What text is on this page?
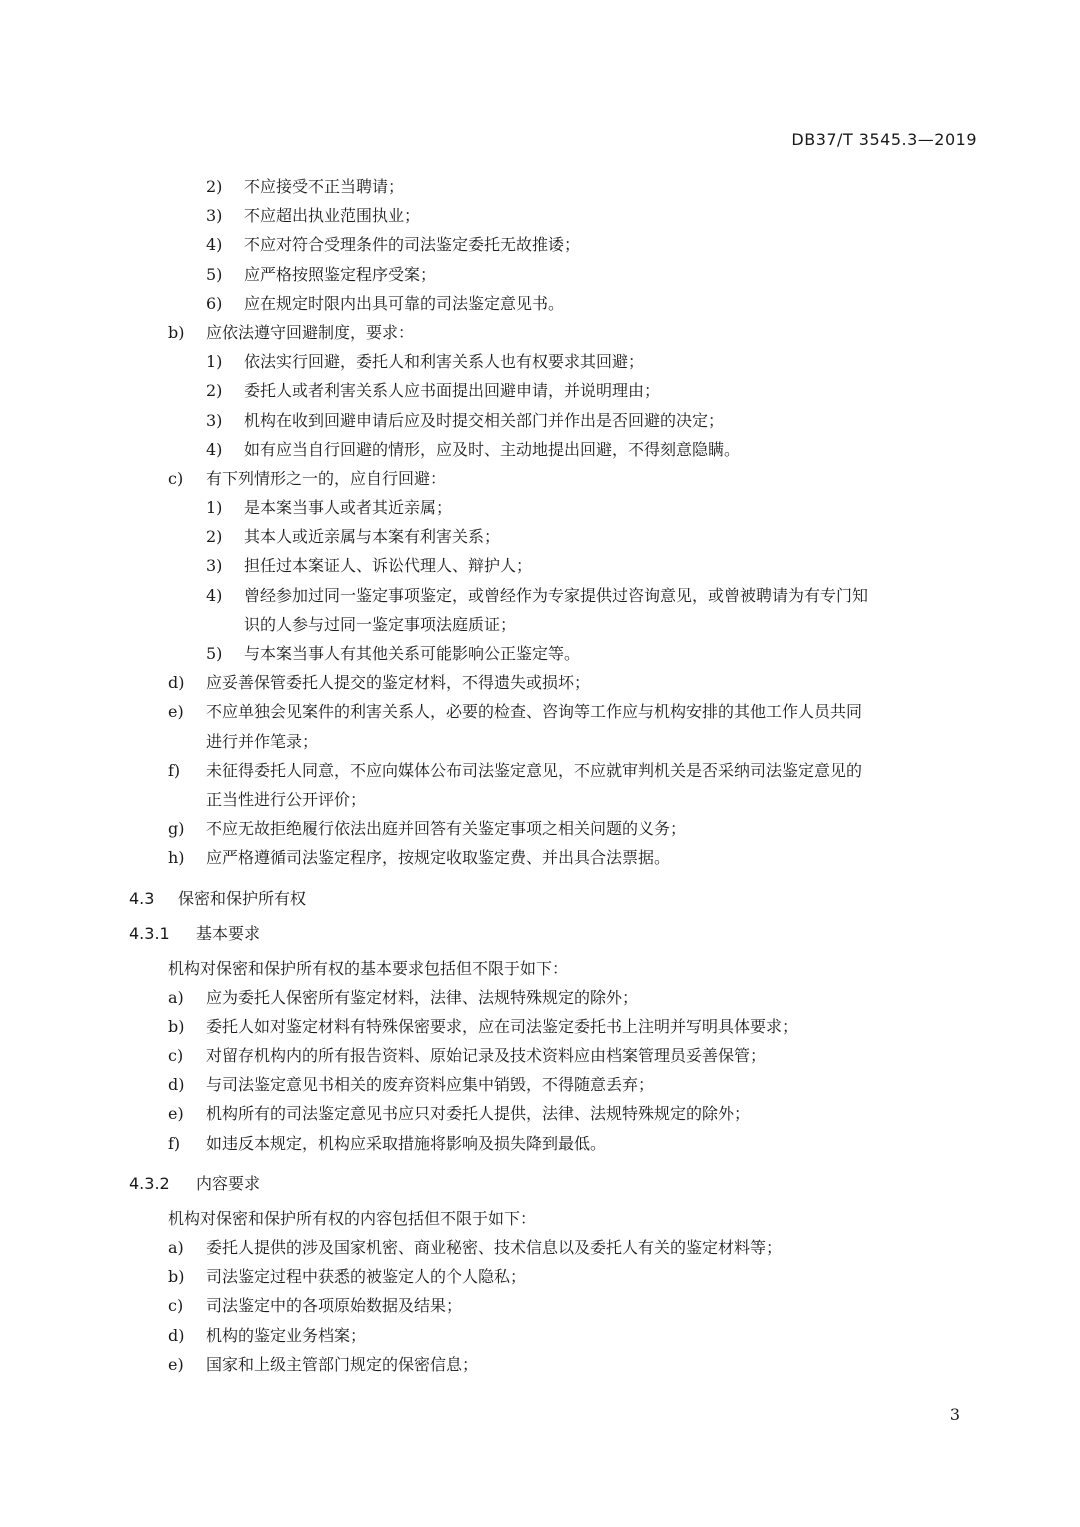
DB37/T 3545.3—2019
2) 不应接受不正当聘请；
3) 不应超出执业范围执业；
4) 不应对符合受理条件的司法鉴定委托无故推诿；
5) 应严格按照鉴定程序受案；
6) 应在规定时限内出具可靠的司法鉴定意见书。
b) 应依法遵守回避制度，要求：
1) 依法实行回避，委托人和利害关系人也有权要求其回避；
2) 委托人或者利害关系人应书面提出回避申请，并说明理由；
3) 机构在收到回避申请后应及时提交相关部门并作出是否回避的决定；
4) 如有应当自行回避的情形，应及时、主动地提出回避，不得刻意隐瞒。
c) 有下列情形之一的，应自行回避：
1) 是本案当事人或者其近亲属；
2) 其本人或近亲属与本案有利害关系；
3) 担任过本案证人、诉讼代理人、辩护人；
4) 曾经参加过同一鉴定事项鉴定，或曾经作为专家提供过咨询意见，或曾被聘请为有专门知
识的人参与过同一鉴定事项法庭质证；
5) 与本案当事人有其他关系可能影响公正鉴定等。
d) 应妥善保管委托人提交的鉴定材料，不得遗失或损坏；
e) 不应单独会见案件的利害关系人，必要的检查、咨询等工作应与机构安排的其他工作人员共同
进行并作笔录；
f) 未征得委托人同意，不应向媒体公布司法鉴定意见，不应就审判机关是否采纳司法鉴定意见的
正当性进行公开评价；
g) 不应无故拒绝履行依法出庭并回答有关鉴定事项之相关问题的义务；
h) 应严格遵循司法鉴定程序，按规定收取鉴定费、并出具合法票据。
4.3 保密和保护所有权
4.3.1 基本要求
机构对保密和保护所有权的基本要求包括但不限于如下：
a) 应为委托人保密所有鉴定材料，法律、法规特殊规定的除外；
b) 委托人如对鉴定材料有特殊保密要求，应在司法鉴定委托书上注明并写明具体要求；
c) 对留存机构内的所有报告资料、原始记录及技术资料应由档案管理员妥善保管；
d) 与司法鉴定意见书相关的废弃资料应集中销毁，不得随意丢弃；
e) 机构所有的司法鉴定意见书应只对委托人提供，法律、法规特殊规定的除外；
f) 如违反本规定，机构应采取措施将影响及损失降到最低。
4.3.2 内容要求
机构对保密和保护所有权的内容包括但不限于如下：
a) 委托人提供的涉及国家机密、商业秘密、技术信息以及委托人有关的鉴定材料等；
b) 司法鉴定过程中获悉的被鉴定人的个人隐私；
c) 司法鉴定中的各项原始数据及结果；
d) 机构的鉴定业务档案；
e) 国家和上级主管部门规定的保密信息；
3
